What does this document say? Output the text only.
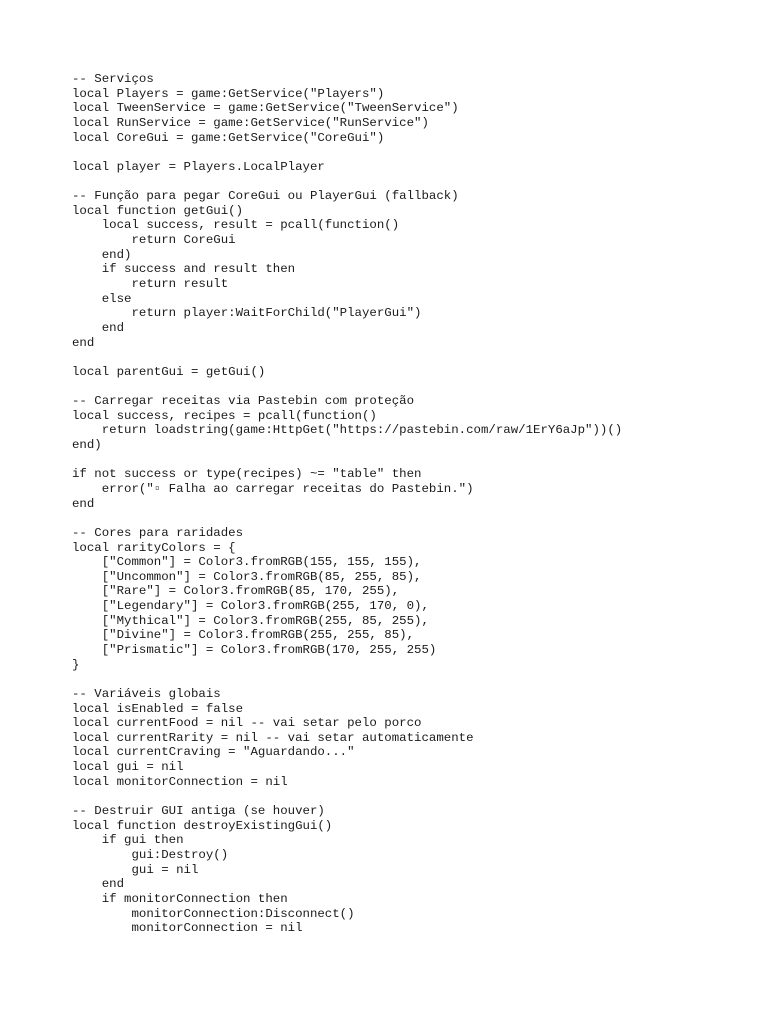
-- Serviços
local Players = game:GetService("Players")
local TweenService = game:GetService("TweenService")
local RunService = game:GetService("RunService")
local CoreGui = game:GetService("CoreGui")
local player = Players.LocalPlayer
-- Função para pegar CoreGui ou PlayerGui (fallback)
local function getGui()
local success, result = pcall(function()
return CoreGui
end)
if success and result then
return result
else
return player:WaitForChild("PlayerGui")
end
end
local parentGui = getGui()
-- Carregar receitas via Pastebin com proteção
local success, recipes = pcall(function()
return loadstring(game:HttpGet("https://pastebin.com/raw/1ErY6aJp"))()
end)
if not success or type(recipes) ~= "table" then
error("▫ Falha ao carregar receitas do Pastebin.")
end
-- Cores para raridades
local rarityColors = {
["Common"] = Color3.fromRGB(155, 155, 155),
["Uncommon"] = Color3.fromRGB(85, 255, 85),
["Rare"] = Color3.fromRGB(85, 170, 255),
["Legendary"] = Color3.fromRGB(255, 170, 0),
["Mythical"] = Color3.fromRGB(255, 85, 255),
["Divine"] = Color3.fromRGB(255, 255, 85),
["Prismatic"] = Color3.fromRGB(170, 255, 255)
}
-- Variáveis globais
local isEnabled = false
local currentFood = nil -- vai setar pelo porco
local currentRarity = nil -- vai setar automaticamente
local currentCraving = "Aguardando..."
local gui = nil
local monitorConnection = nil
-- Destruir GUI antiga (se houver)
local function destroyExistingGui()
if gui then
gui:Destroy()
gui = nil
end
if monitorConnection then
monitorConnection:Disconnect()
monitorConnection = nil
